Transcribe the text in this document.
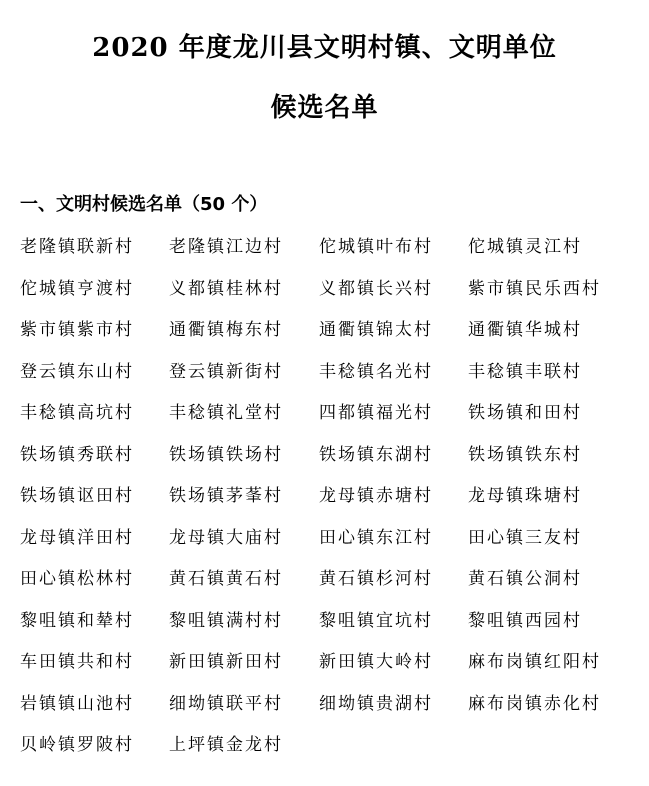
2020 年度龙川县文明村镇、文明单位
候选名单
一、文明村候选名单（50 个）
老隆镇联新村	老隆镇江边村	佗城镇叶布村	佗城镇灵江村
佗城镇亨渡村	义都镇桂林村	义都镇长兴村	紫市镇民乐西村
紫市镇紫市村	通衢镇梅东村	通衢镇锦太村	通衢镇华城村
登云镇东山村	登云镇新街村	丰稔镇名光村	丰稔镇丰联村
丰稔镇高坑村	丰稔镇礼堂村	四都镇福光村	铁场镇和田村
铁场镇秀联村	铁场镇铁场村	铁场镇东湖村	铁场镇铁东村
铁场镇讴田村	铁场镇茅莑村	龙母镇赤塘村	龙母镇珠塘村
龙母镇洋田村	龙母镇大庙村	田心镇东江村	田心镇三友村
田心镇松林村	黄石镇黄石村	黄石镇杉河村	黄石镇公洞村
黎咀镇和辇村	黎咀镇满村村	黎咀镇宜坑村	黎咀镇西园村
车田镇共和村	新田镇新田村	新田镇大岭村	麻布岗镇红阳村
岩镇镇山池村	细坳镇联平村	细坳镇贵湖村	麻布岗镇赤化村
贝岭镇罗陂村	上坪镇金龙村
